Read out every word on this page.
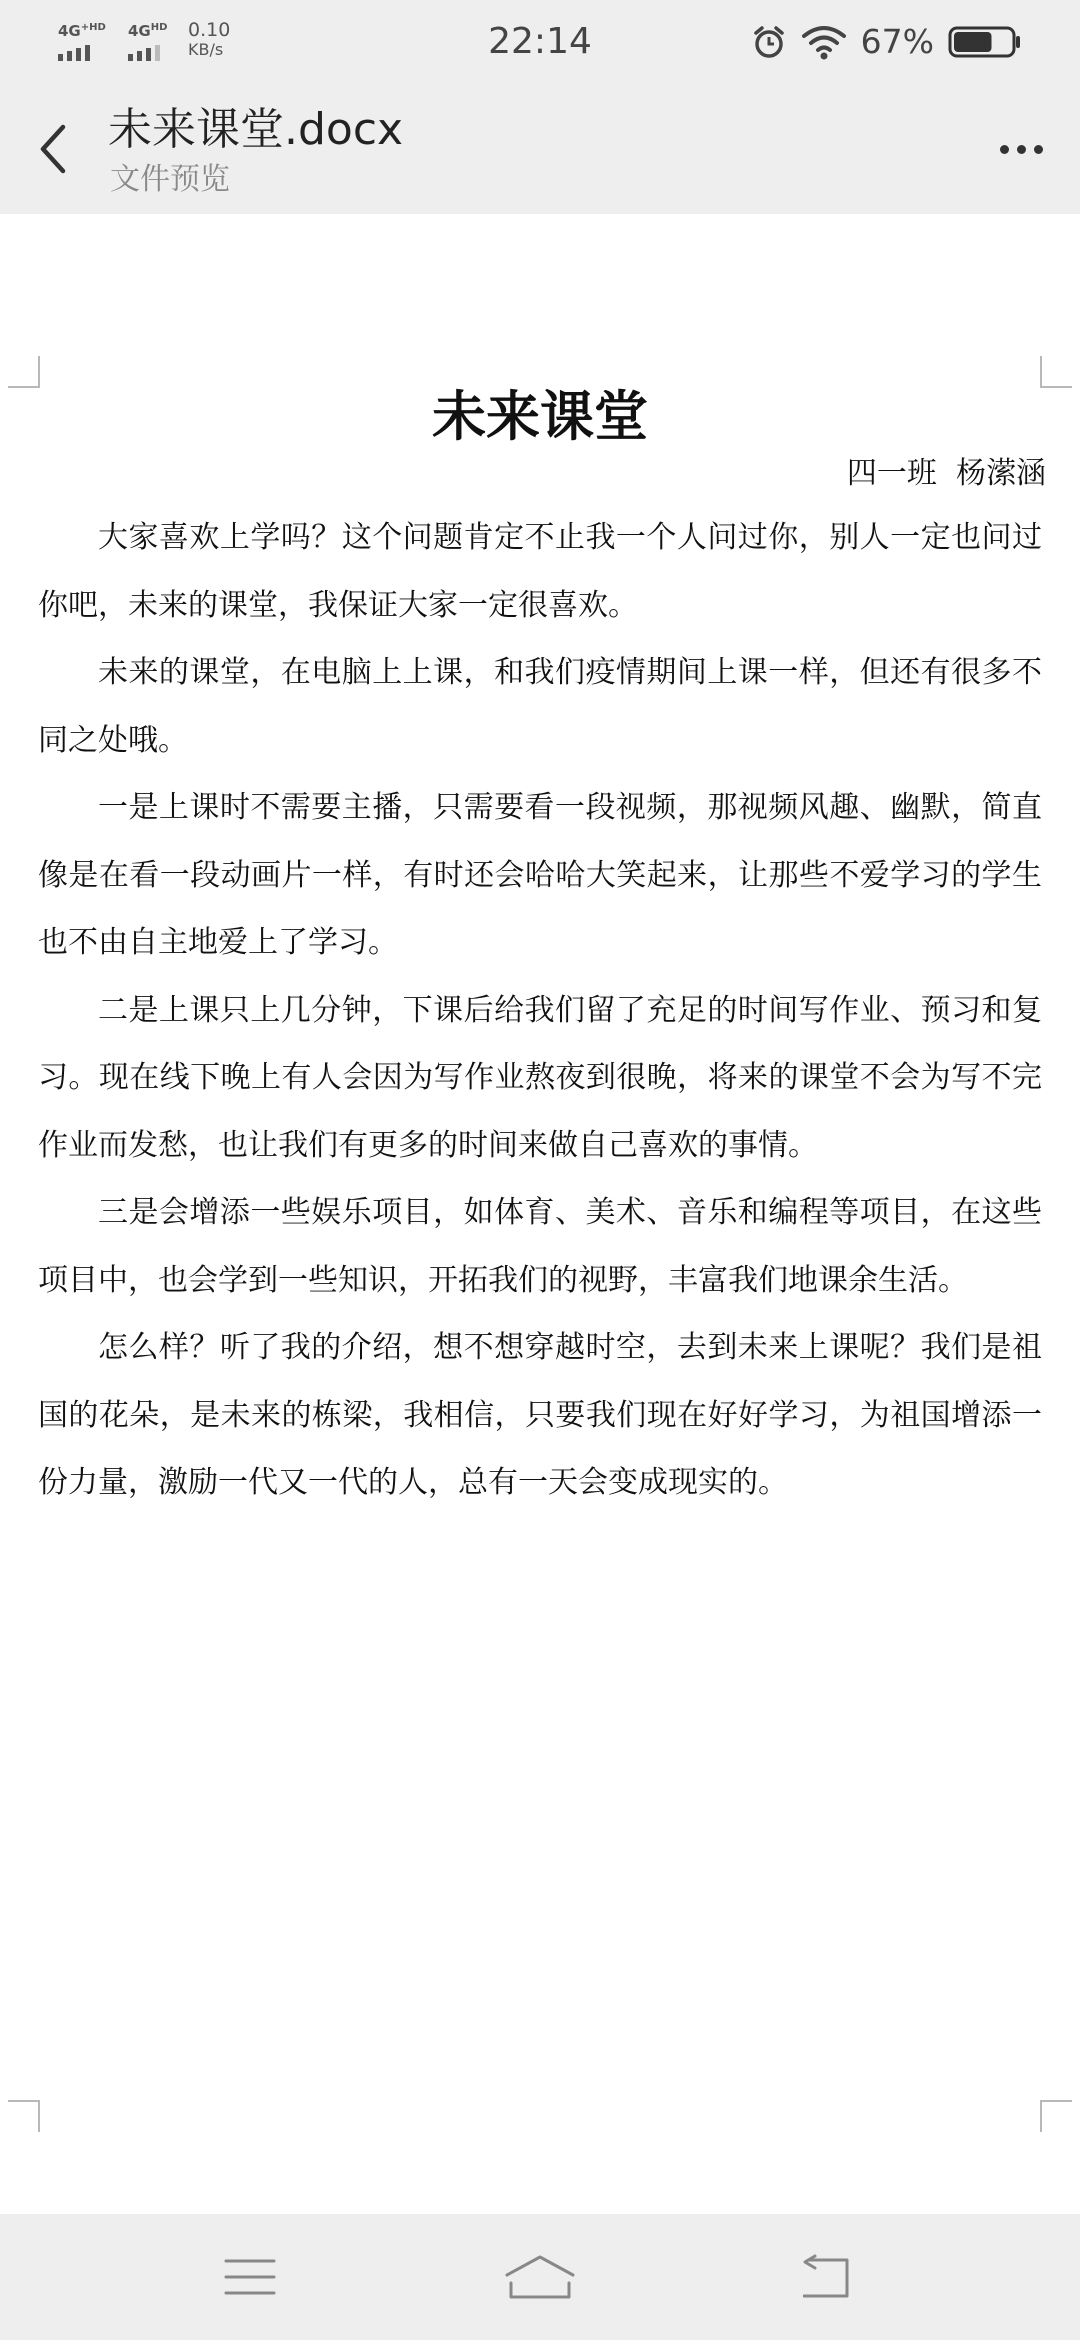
$4G^{+HD}$ $4G^{HD}$ 0.10
KB/s	22:14	67%
未来课堂.docx
文件预览
未来课堂
四一班  杨潆涵

大家喜欢上学吗？这个问题肯定不止我一个人问过你，别人一定也问过你吧，未来的课堂，我保证大家一定很喜欢。

未来的课堂，在电脑上上课，和我们疫情期间上课一样，但还有很多不同之处哦。

一是上课时不需要主播，只需要看一段视频，那视频风趣、幽默，简直像是在看一段动画片一样，有时还会哈哈大笑起来，让那些不爱学习的学生也不由自主地爱上了学习。

二是上课只上几分钟，下课后给我们留了充足的时间写作业、预习和复习。现在线下晚上有人会因为写作业熬夜到很晚，将来的课堂不会为写不完作业而发愁，也让我们有更多的时间来做自己喜欢的事情。

三是会增添一些娱乐项目，如体育、美术、音乐和编程等项目，在这些项目中，也会学到一些知识，开拓我们的视野，丰富我们地课余生活。

怎么样？听了我的介绍，想不想穿越时空，去到未来上课呢？我们是祖国的花朵，是未来的栋梁，我相信，只要我们现在好好学习，为祖国增添一份力量，激励一代又一代的人，总有一天会变成现实的。
